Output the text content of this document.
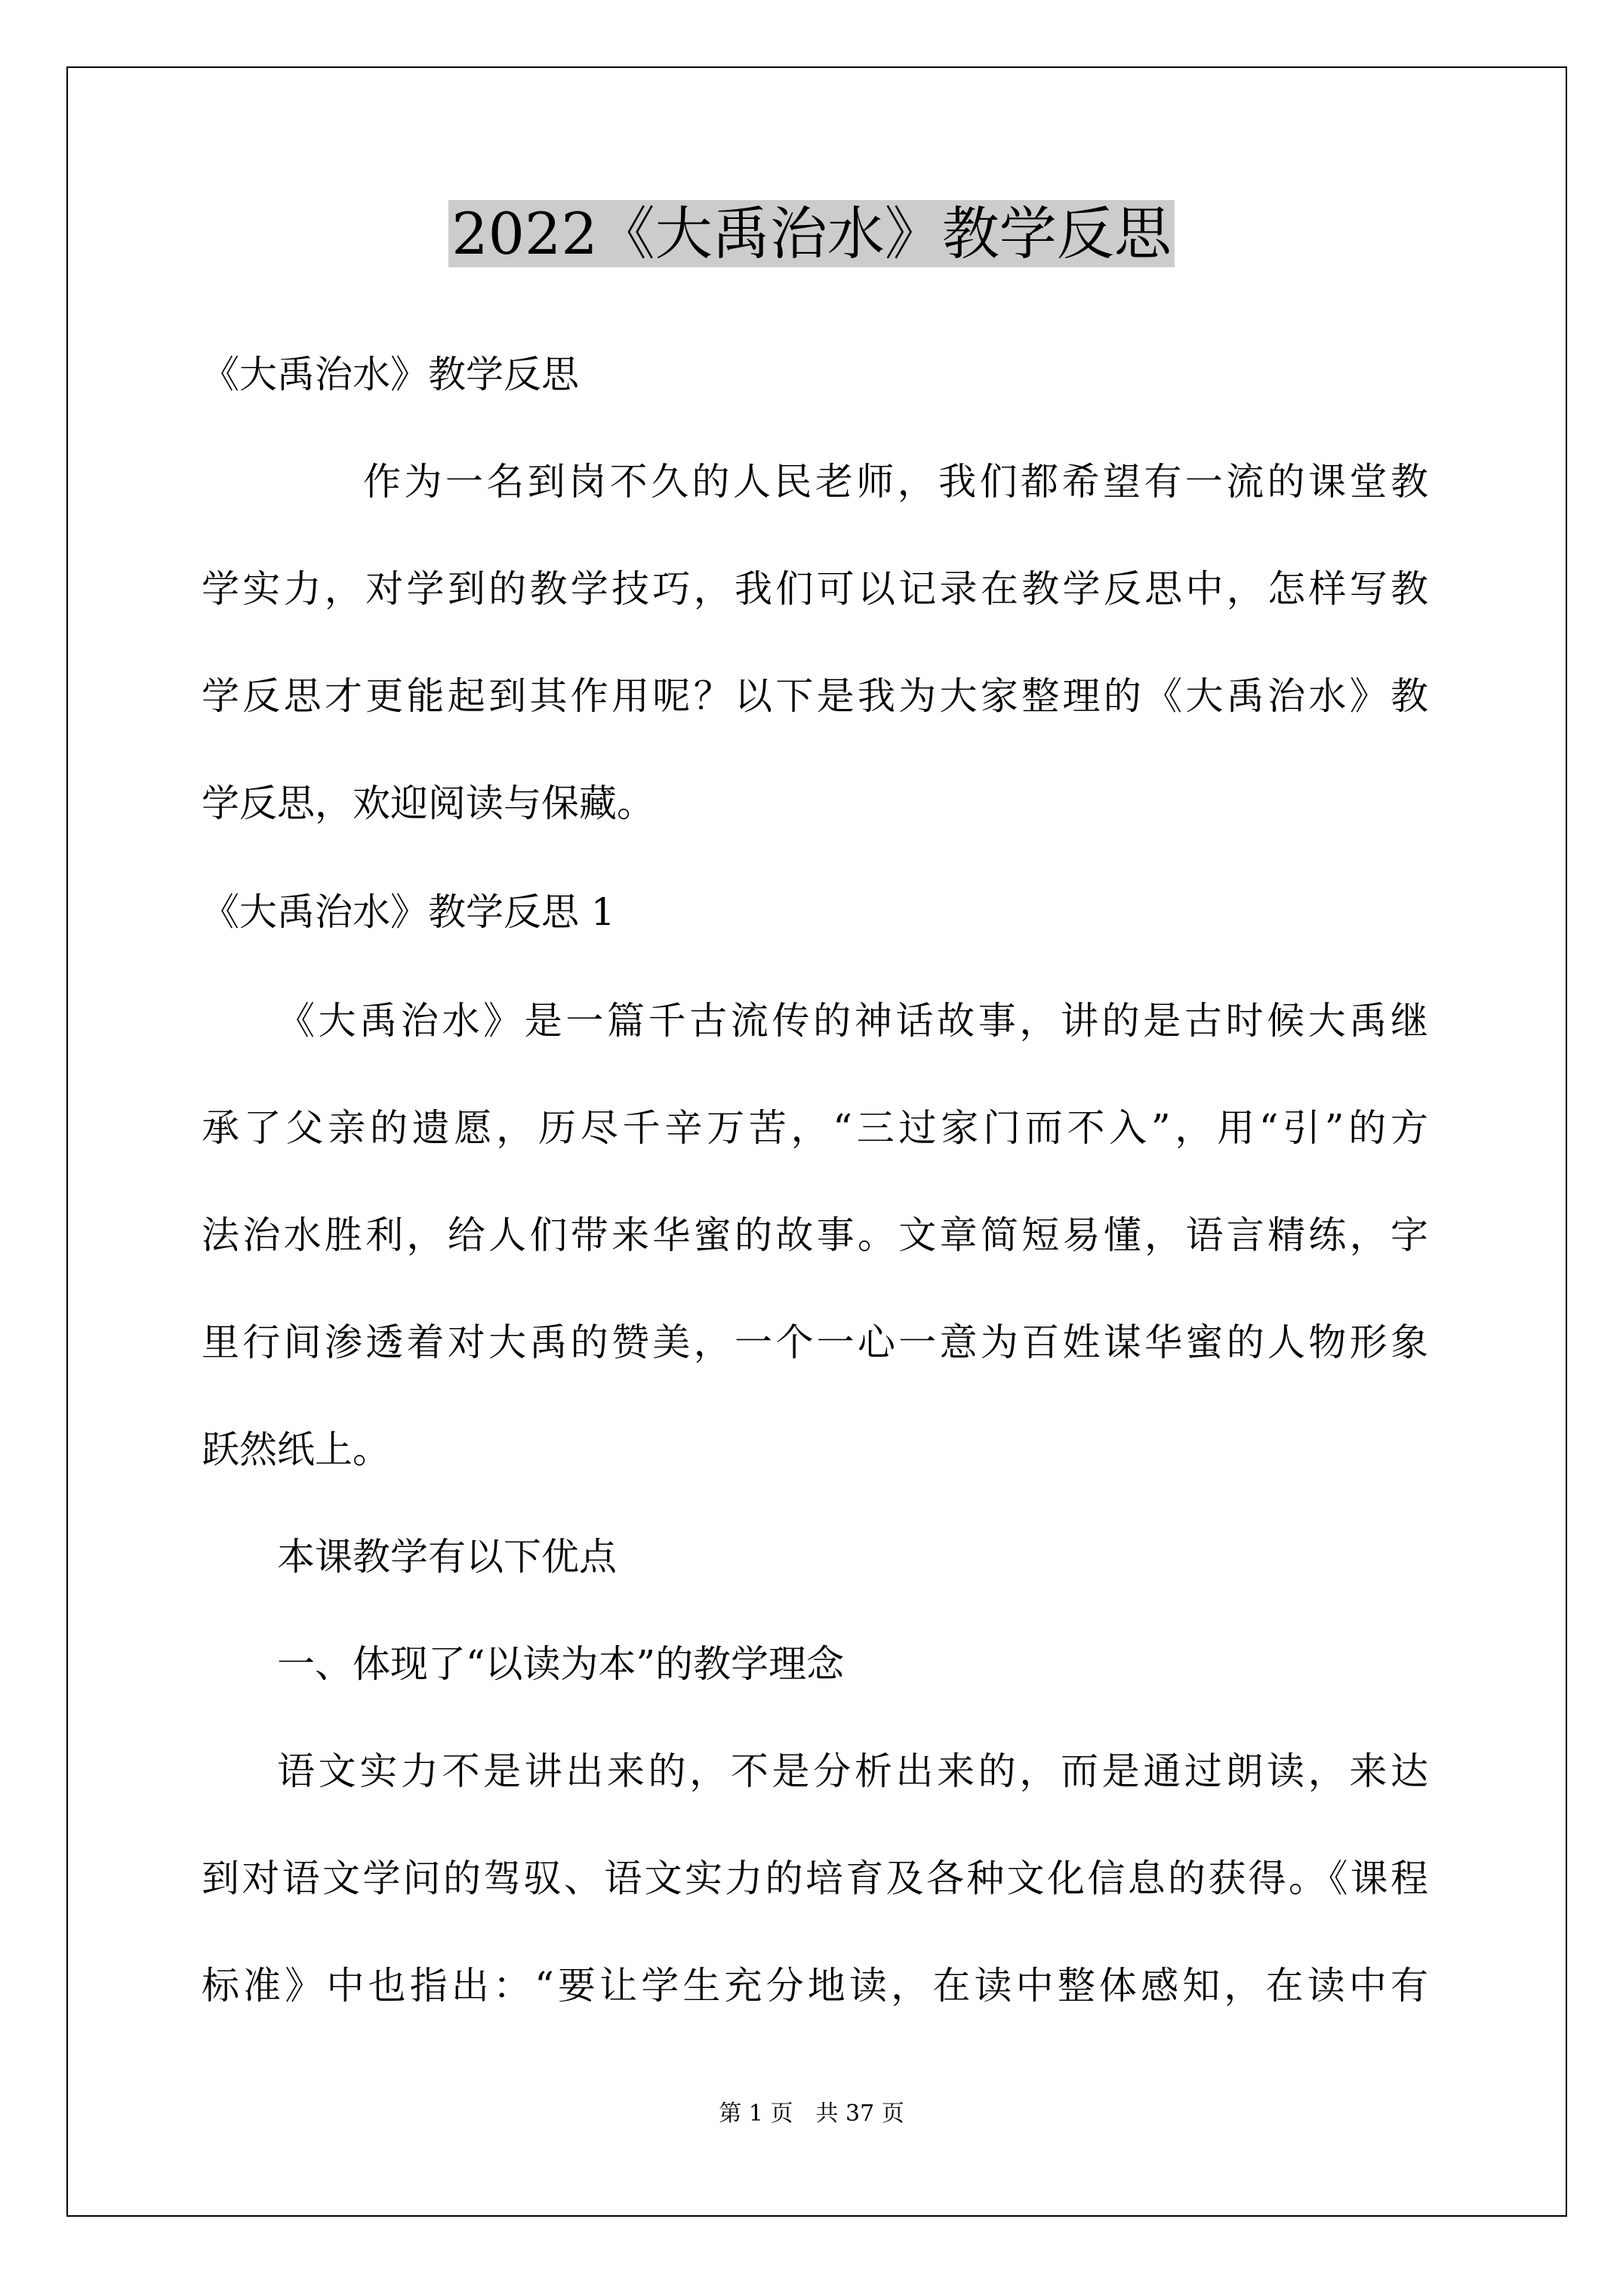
2022《大禹治水》教学反思
《大禹治水》教学反思
作为一名到岗不久的人民老师，我们都希望有一流的课堂教
学实力，对学到的教学技巧，我们可以记录在教学反思中，怎样写教
学反思才更能起到其作用呢？以下是我为大家整理的《大禹治水》教
学反思，欢迎阅读与保藏。
《大禹治水》教学反思 1
《大禹治水》是一篇千古流传的神话故事，讲的是古时候大禹继
承了父亲的遗愿，历尽千辛万苦，“三过家门而不入”，用“引”的方
法治水胜利，给人们带来华蜜的故事。文章简短易懂，语言精练，字
里行间渗透着对大禹的赞美，一个一心一意为百姓谋华蜜的人物形象
跃然纸上。
本课教学有以下优点
一、体现了“以读为本”的教学理念
语文实力不是讲出来的，不是分析出来的，而是通过朗读，来达
到对语文学问的驾驭、语文实力的培育及各种文化信息的获得。《课程
标准》中也指出：“要让学生充分地读，在读中整体感知，在读中有
第 1 页　共 37 页
